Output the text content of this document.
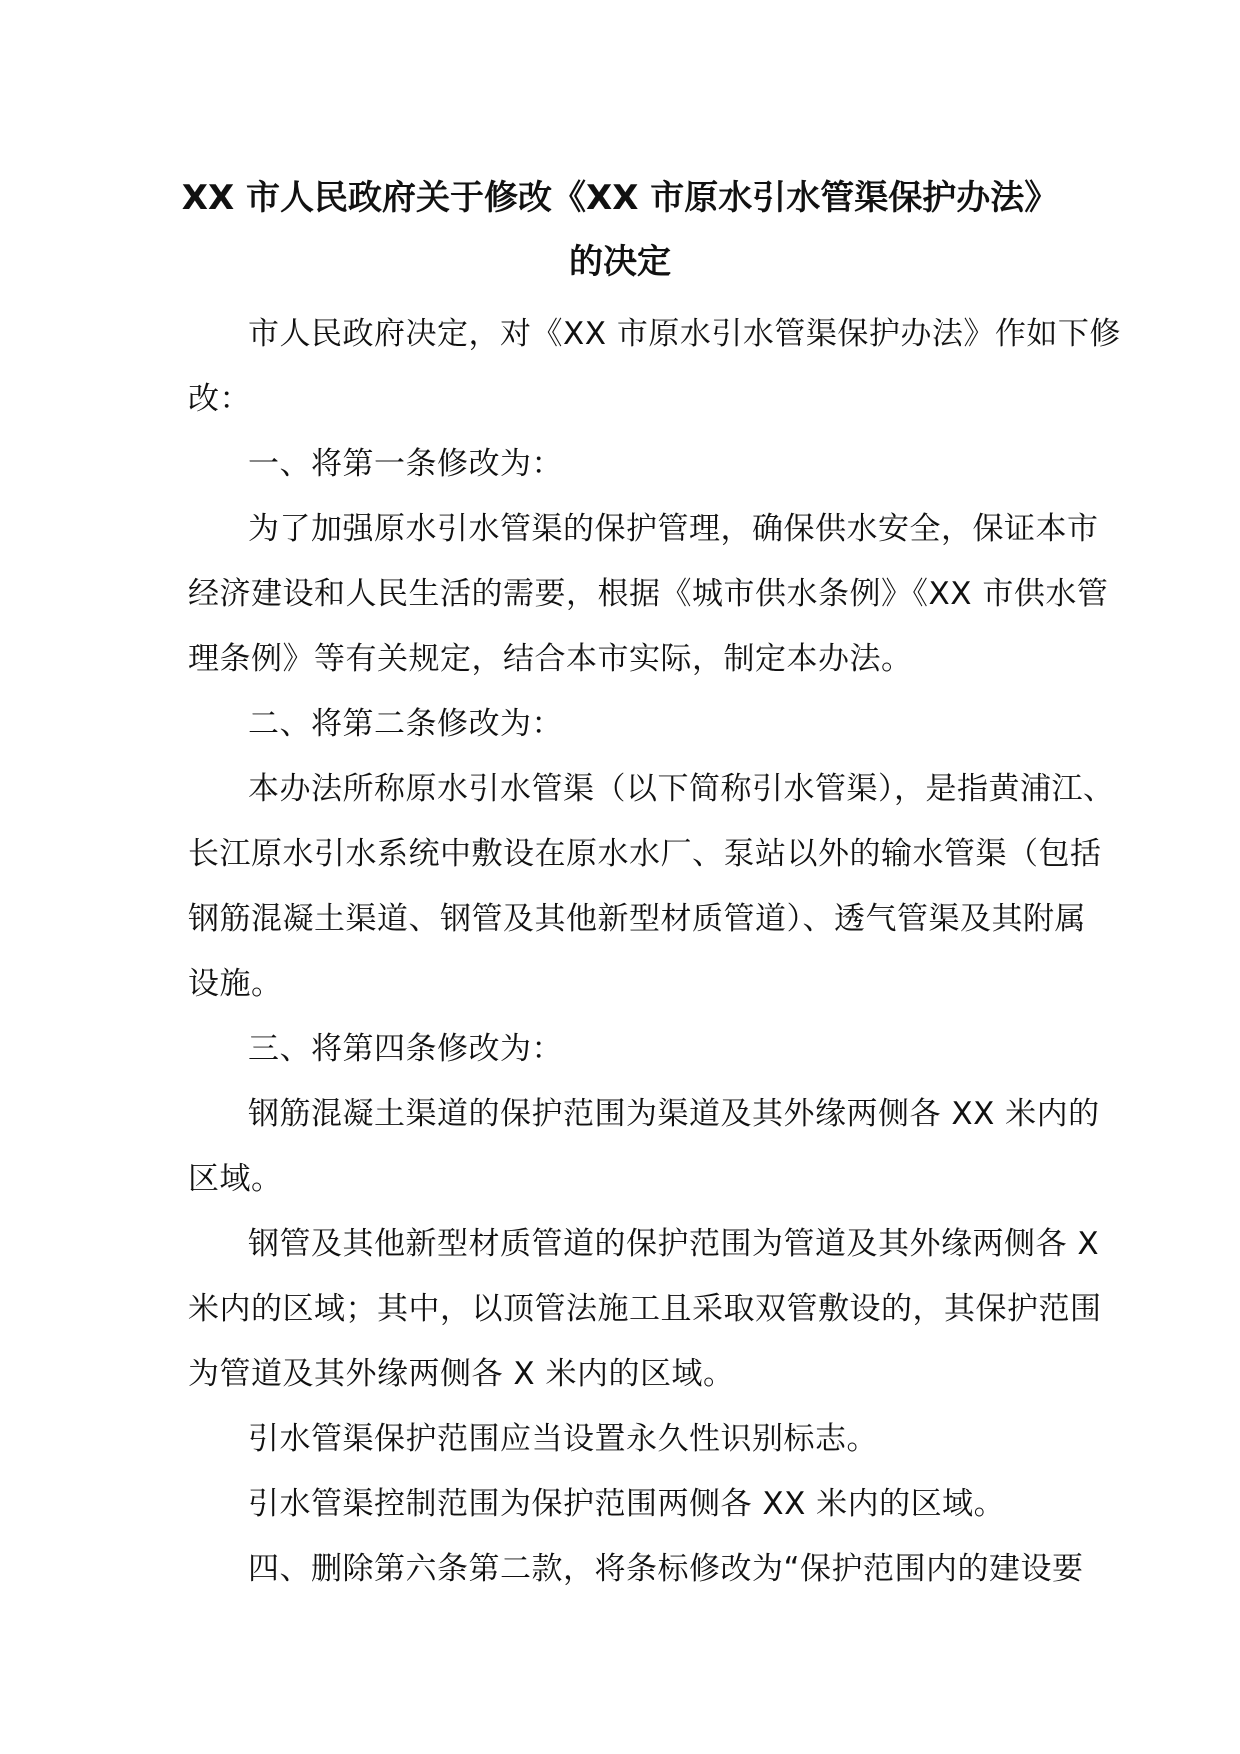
XX 市人民政府关于修改《XX 市原水引水管渠保护办法》
的决定
市人民政府决定，对《XX 市原水引水管渠保护办法》作如下修
改：
一、将第一条修改为：
为了加强原水引水管渠的保护管理，确保供水安全，保证本市
经济建设和人民生活的需要，根据《城市供水条例》《XX 市供水管
理条例》等有关规定，结合本市实际，制定本办法。
二、将第二条修改为：
本办法所称原水引水管渠（以下简称引水管渠），是指黄浦江、
长江原水引水系统中敷设在原水水厂、泵站以外的输水管渠（包括
钢筋混凝土渠道、钢管及其他新型材质管道）、透气管渠及其附属
设施。
三、将第四条修改为：
钢筋混凝土渠道的保护范围为渠道及其外缘两侧各 XX 米内的
区域。
钢管及其他新型材质管道的保护范围为管道及其外缘两侧各 X
米内的区域；其中，以顶管法施工且采取双管敷设的，其保护范围
为管道及其外缘两侧各 X 米内的区域。
引水管渠保护范围应当设置永久性识别标志。
引水管渠控制范围为保护范围两侧各 XX 米内的区域。
四、删除第六条第二款，将条标修改为“保护范围内的建设要
